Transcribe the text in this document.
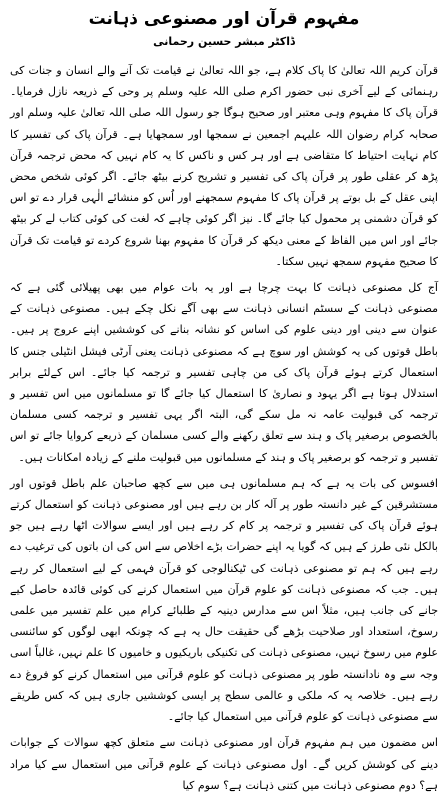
مفہوم قرآن اور مصنوعی ذہانت
ڈاکٹر مبشر حسین رحمانی

قرآن کریم اللہ تعالیٰ کا پاک کلام ہے، جو اللہ تعالیٰ نے قیامت تک آنے والے انسان و جنات کی رہنمائی کے لیے آخری نبی حضور اکرم صلی اللہ علیہ وسلم پر وحی کے ذریعہ نازل فرمایا۔ قرآن پاک کا مفہوم وہی معتبر اور صحیح ہوگا جو رسول اللہ صلی اللہ تعالیٰ علیہ وسلم اور صحابہ کرام رضوان اللہ علیہم اجمعین نے سمجھا اور سمجھایا ہے۔ قرآن پاک کی تفسیر کا کام نہایت احتیاط کا متقاضی ہے اور ہر کس و ناکس کا یہ کام نہیں کہ محض ترجمہ قرآن پڑھ کر عقلی طور پر قرآن پاک کی تفسیر و تشریح کرنے بیٹھ جائے۔ اگر کوئی شخص محض اپنی عقل کے بل بوتے پر قرآن پاک کا مفہوم سمجھنے اور اُس کو منشائے الٰہی قرار دے تو اس کو قرآن دشمنی پر محمول کیا جائے گا۔ نیز اگر کوئی چاہے کہ لغت کی کوئی کتاب لے کر بیٹھ جائے اور اس میں الفاظ کے معنی دیکھ کر قرآن کا مفہوم بھنا شروع کردے تو قیامت تک قرآن کا صحیح مفہوم سمجھ نہیں سکتا۔

آج کل مصنوعی ذہانت کا بہت چرچا ہے اور یہ بات عوام میں بھی پھیلائی گئی ہے کہ مصنوعی ذہانت کے سسٹم انسانی ذہانت سے بھی آگے نکل چکے ہیں۔ مصنوعی ذہانت کے عنوان سے دینی اور دینی علوم کی اساس کو نشانہ بنانے کی کوششیں اپنے عروج پر ہیں۔ باطل قوتوں کی یہ کوشش اور سوچ ہے کہ مصنوعی ذہانت یعنی آرٹی فیشل انٹیلی جنس کا استعمال کرتے ہوئے قرآن پاک کی من چاہی تفسیر و ترجمہ کیا جائے۔ اس کےلئے برابر استدلال ہوتا ہے اگر یہود و نصاریٰ کا استعمال کیا جائے گا تو مسلمانوں میں اس تفسیر و ترجمہ کی قبولیت عامہ نہ مل سکے گی، البتہ اگر یہی تفسیر و ترجمہ کسی مسلمان بالخصوص برصغیر پاک و ہند سے تعلق رکھنے والے کسی مسلمان کے ذریعے کروایا جائے تو اس تفسیر و ترجمہ کو برصغیر پاک و ہند کے مسلمانوں میں قبولیت ملنے کے زیادہ امکانات ہیں۔

افسوس کی بات یہ ہے کہ ہم مسلمانوں ہی میں سے کچھ صاحبان علم باطل قوتوں اور مستشرقین کے غیر دانستہ طور پر آلہ کار بن رہے ہیں اور مصنوعی ذہانت کو استعمال کرتے ہوئے قرآن پاک کی تفسیر و ترجمہ پر کام کر رہے ہیں اور ایسے سوالات اٹھا رہے ہیں جو بالکل نئی طرز کے ہیں کہ گویا یہ اپنے حضرات بڑے اخلاص سے اس کی ان باتوں کی ترغیب دے رہے ہیں کہ ہم تو مصنوعی ذہانت کی ٹیکنالوجی کو قرآن فہمی کے لیے استعمال کر رہے ہیں۔ جب کہ مصنوعی ذہانت کو علوم قرآن میں استعمال کرنے کی کوئی قائدہ حاصل کیے جانے کی جانب ہیں، مثلاً اس سے مدارس دینیہ کے طلبائے کرام میں علم تفسیر میں علمی رسوخ، استعداد اور صلاحیت بڑھے گی حقیقت حال یہ ہے کہ چونکہ ابھی لوگوں کو سائنسی علوم میں رسوخ نہیں، مصنوعی ذہانت کی تکنیکی باریکیوں و خامیوں کا علم نہیں، غالباً اسی وجہ سے وہ نادانستہ طور پر مصنوعی ذہانت کو علوم قرآنی میں استعمال کرنے کو فروغ دے رہے ہیں۔ خلاصہ یہ کہ ملکی و عالمی سطح پر ایسی کوششیں جاری ہیں کہ کس طریقے سے مصنوعی ذہانت کو علوم قرآنی میں استعمال کیا جائے۔

اس مضمون میں ہم مفہوم قرآن اور مصنوعی ذہانت سے متعلق کچھ سوالات کے جوابات دینے کی کوشش کریں گے۔ اول مصنوعی ذہانت کے علوم قرآنی میں استعمال سے کیا مراد ہے؟ دوم مصنوعی ذہانت میں کتنی ذہانت ہے؟ سوم کیا
